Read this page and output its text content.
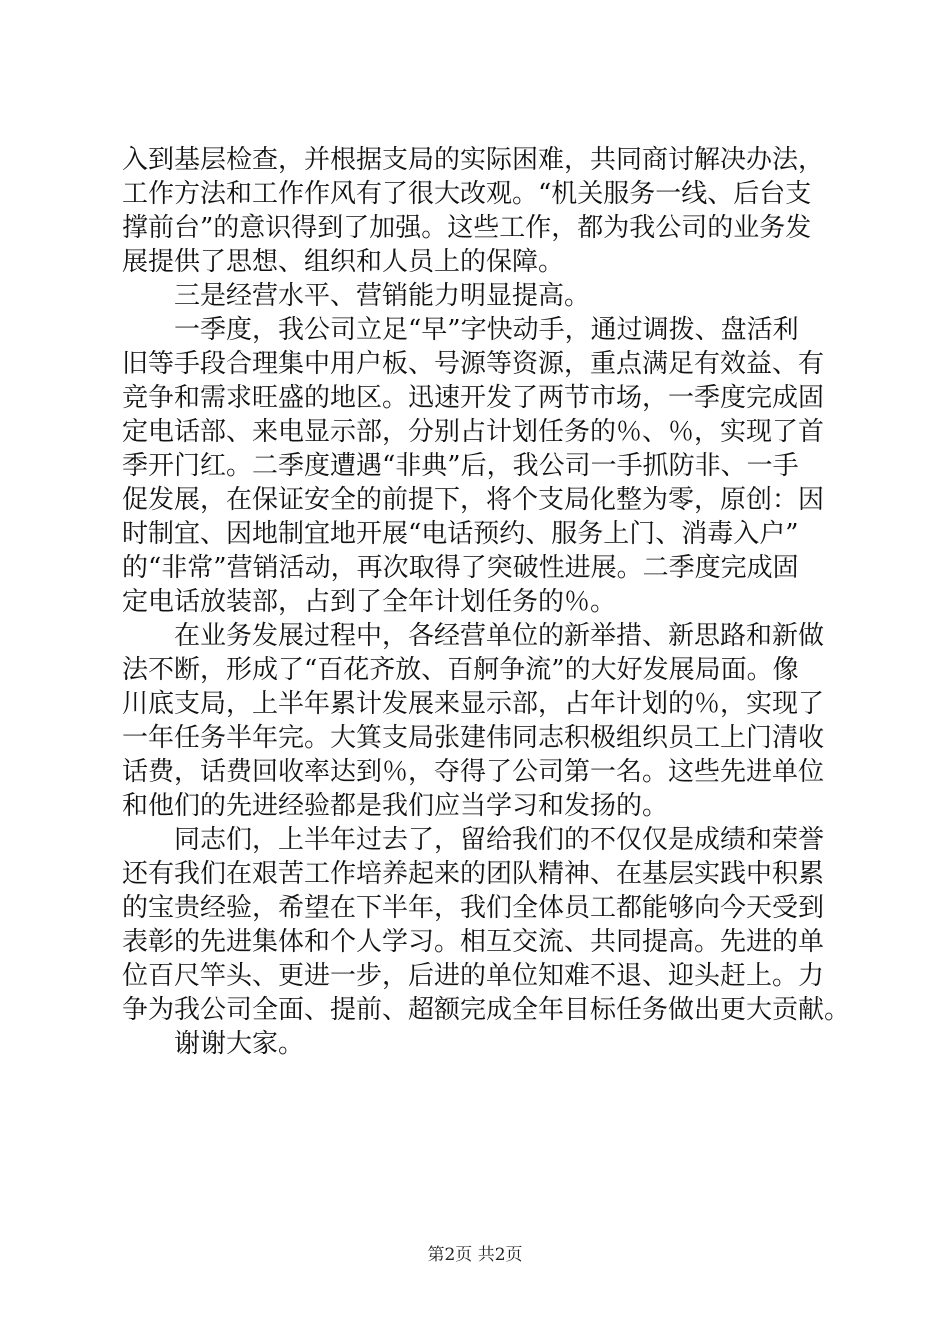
入到基层检查，并根据支局的实际困难，共同商讨解决办法，
工作方法和工作作风有了很大改观。“机关服务一线、后台支
撑前台”的意识得到了加强。这些工作，都为我公司的业务发
展提供了思想、组织和人员上的保障。
三是经营水平、营销能力明显提高。
一季度，我公司立足“早”字快动手，通过调拨、盘活利
旧等手段合理集中用户板、号源等资源，重点满足有效益、有
竞争和需求旺盛的地区。迅速开发了两节市场，一季度完成固
定电话部、来电显示部，分别占计划任务的％、％，实现了首
季开门红。二季度遭遇“非典”后，我公司一手抓防非、一手
促发展，在保证安全的前提下，将个支局化整为零，原创：因
时制宜、因地制宜地开展“电话预约、服务上门、消毒入户”
的“非常”营销活动，再次取得了突破性进展。二季度完成固
定电话放装部，占到了全年计划任务的％。
在业务发展过程中，各经营单位的新举措、新思路和新做
法不断，形成了“百花齐放、百舸争流”的大好发展局面。像
川底支局，上半年累计发展来显示部，占年计划的％，实现了
一年任务半年完。大箕支局张建伟同志积极组织员工上门清收
话费，话费回收率达到％，夺得了公司第一名。这些先进单位
和他们的先进经验都是我们应当学习和发扬的。
同志们，上半年过去了，留给我们的不仅仅是成绩和荣誉
还有我们在艰苦工作培养起来的团队精神、在基层实践中积累
的宝贵经验，希望在下半年，我们全体员工都能够向今天受到
表彰的先进集体和个人学习。相互交流、共同提高。先进的单
位百尺竿头、更进一步，后进的单位知难不退、迎头赶上。力
争为我公司全面、提前、超额完成全年目标任务做出更大贡献。
谢谢大家。
第2页 共2页
